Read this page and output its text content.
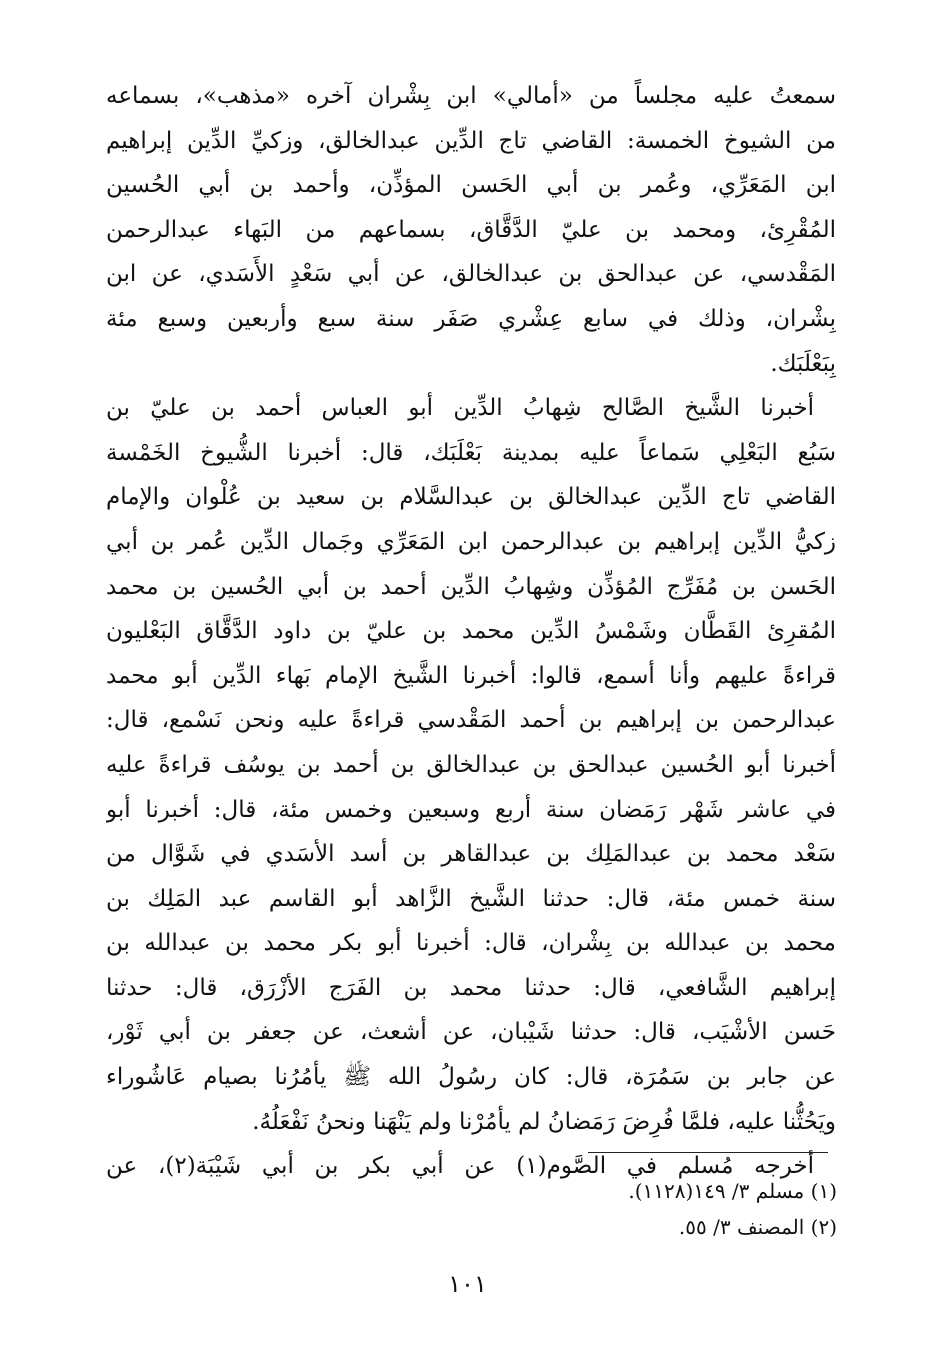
سمعتُ عليه مجلساً من «أمالي» ابن بِشْران آخره «مذهب»، بسماعه
من الشيوخ الخمسة: القاضي تاج الدِّين عبدالخالق، وزكيِّ الدِّين إبراهيم
ابن المَعَرِّي، وعُمر بن أبي الحَسن المؤذِّن، وأحمد بن أبي الحُسين
المُقْرِئ، ومحمد بن عليّ الدَّقَّاق، بسماعهم من البَهاء عبدالرحمن
المَقْدسي، عن عبدالحق بن عبدالخالق، عن أبي سَعْدٍ الأَسَدي، عن ابن
بِشْران، وذلك في سابع عِشْري صَفَر سنة سبع وأربعين وسبع مئة
بِبَعْلَبَك.
أخبرنا الشَّيخ الصَّالح شِهابُ الدِّين أبو العباس أحمد بن عليّ بن
سَبُع البَعْلِي سَماعاً عليه بمدينة بَعْلَبَك، قال: أخبرنا الشُّيوخ الخَمْسة
القاضي تاج الدِّين عبدالخالق بن عبدالسَّلام بن سعيد بن عُلْوان والإمام
زكيُّ الدِّين إبراهيم بن عبدالرحمن ابن المَعَرِّي وجَمال الدِّين عُمر بن أبي
الحَسن بن مُفَرِّج المُؤذِّن وشِهابُ الدِّين أحمد بن أبي الحُسين بن محمد
المُقرِئ القَطَّان وشَمْسُ الدِّين محمد بن عليّ بن داود الدَّقَّاق البَعْليون
قراءةً عليهم وأنا أسمع، قالوا: أخبرنا الشَّيخ الإمام بَهاء الدِّين أبو محمد
عبدالرحمن بن إبراهيم بن أحمد المَقْدسي قراءةً عليه ونحن نَسْمع، قال:
أخبرنا أبو الحُسين عبدالحق بن عبدالخالق بن أحمد بن يوسُف قراءةً عليه
في عاشر شَهْر رَمَضان سنة أربع وسبعين وخمس مئة، قال: أخبرنا أبو
سَعْد محمد بن عبدالمَلِك بن عبدالقاهر بن أسد الأسَدي في شَوَّال من
سنة خمس مئة، قال: حدثنا الشَّيخ الزَّاهد أبو القاسم عبد المَلِك بن
محمد بن عبدالله بن بِشْران، قال: أخبرنا أبو بكر محمد بن عبدالله بن
إبراهيم الشَّافعي، قال: حدثنا محمد بن الفَرَج الأزْرَق، قال: حدثنا
حَسن الأشْيَب، قال: حدثنا شَيْبان، عن أشعث، عن جعفر بن أبي ثَوْر،
عن جابر بن سَمُرَة، قال: كان رسُولُ الله ﷺ يأمُرُنا بصيام عَاشُوراء
ويَحُثُّنا عليه، فلمَّا فُرِضَ رَمَضانُ لم يأمُرْنا ولم يَنْهَنا ونحنُ نَفْعَلُهُ.
أخرجه مُسلم في الصَّوم(١) عن أبي بكر بن أبي شَيْبَة(٢)، عن
(١) مسلم ٣/ ١٤٩(١١٢٨).
(٢) المصنف ٣/ ٥٥.
١٠١
